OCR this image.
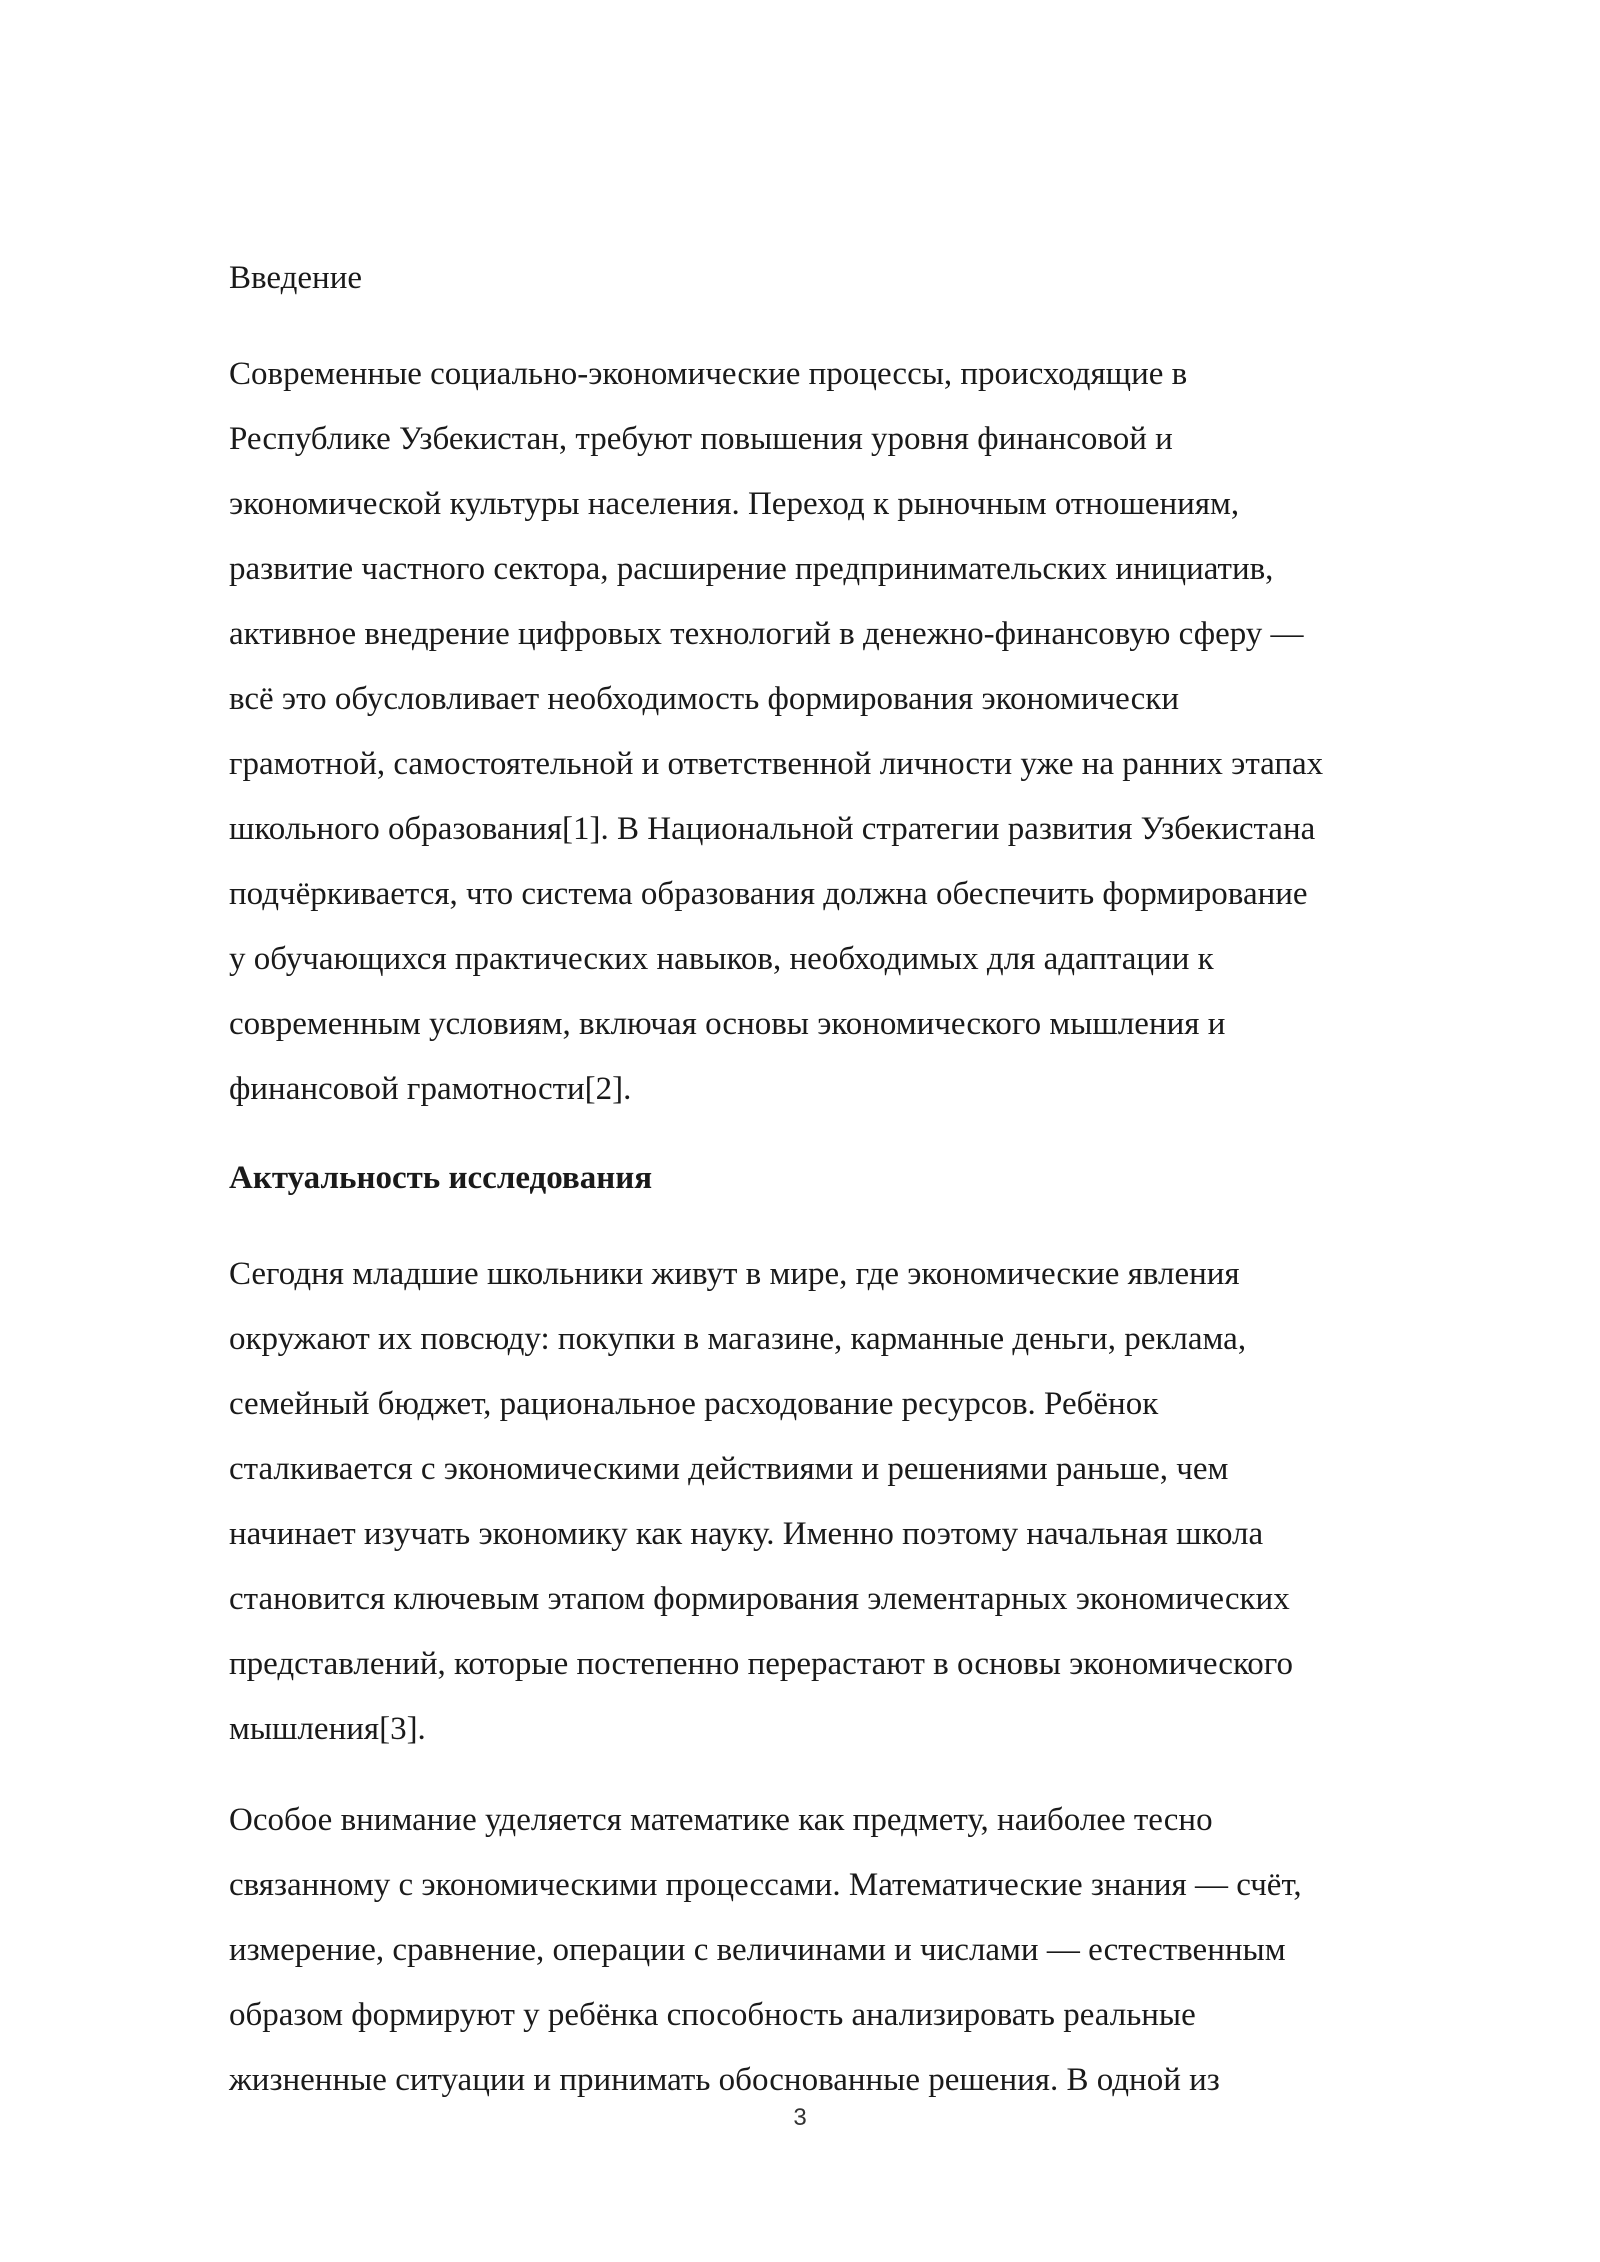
Введение
Современные социально-экономические процессы, происходящие в
Республике Узбекистан, требуют повышения уровня финансовой и
экономической культуры населения. Переход к рыночным отношениям,
развитие частного сектора, расширение предпринимательских инициатив,
активное внедрение цифровых технологий в денежно-финансовую сферу —
всё это обусловливает необходимость формирования экономически
грамотной, самостоятельной и ответственной личности уже на ранних этапах
школьного образования[1]. В Национальной стратегии развития Узбекистана
подчёркивается, что система образования должна обеспечить формирование
у обучающихся практических навыков, необходимых для адаптации к
современным условиям, включая основы экономического мышления и
финансовой грамотности[2].
Актуальность исследования
Сегодня младшие школьники живут в мире, где экономические явления
окружают их повсюду: покупки в магазине, карманные деньги, реклама,
семейный бюджет, рациональное расходование ресурсов. Ребёнок
сталкивается с экономическими действиями и решениями раньше, чем
начинает изучать экономику как науку. Именно поэтому начальная школа
становится ключевым этапом формирования элементарных экономических
представлений, которые постепенно перерастают в основы экономического
мышления[3].
Особое внимание уделяется математике как предмету, наиболее тесно
связанному с экономическими процессами. Математические знания — счёт,
измерение, сравнение, операции с величинами и числами — естественным
образом формируют у ребёнка способность анализировать реальные
жизненные ситуации и принимать обоснованные решения. В одной из
3
